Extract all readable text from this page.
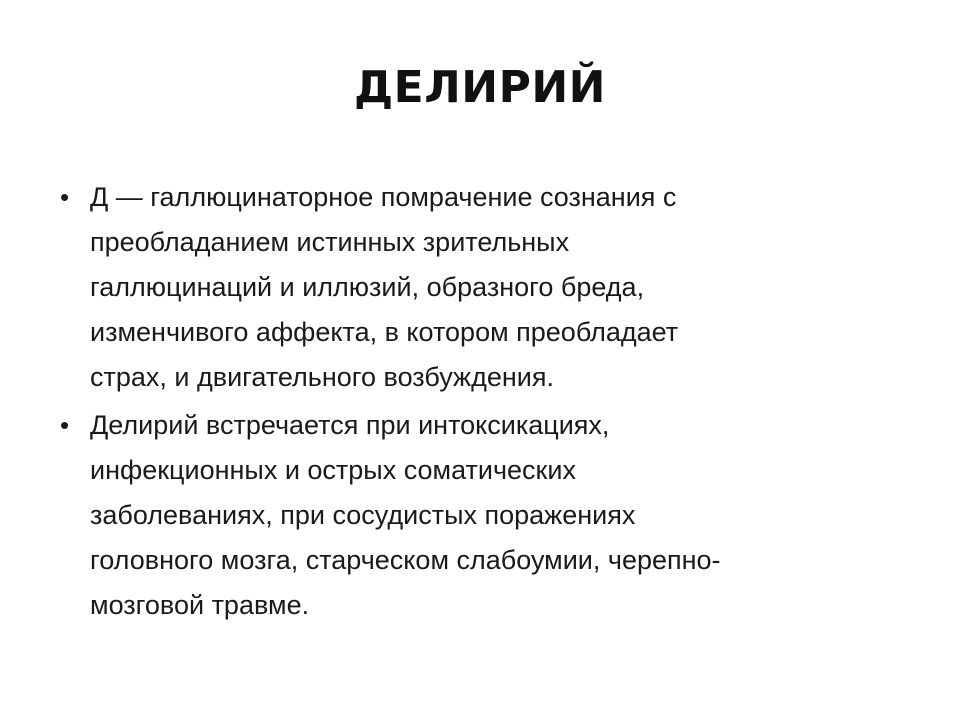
ДЕЛИРИЙ
• Д — галлюцинаторное помрачение сознания с
преобладанием истинных зрительных
галлюцинаций и иллюзий, образного бреда,
изменчивого аффекта, в котором преобладает
страх, и двигательного возбуждения.
• Делирий встречается при интоксикациях,
инфекционных и острых соматических
заболеваниях, при сосудистых поражениях
головного мозга, старческом слабоумии, черепно-
мозговой травме.
